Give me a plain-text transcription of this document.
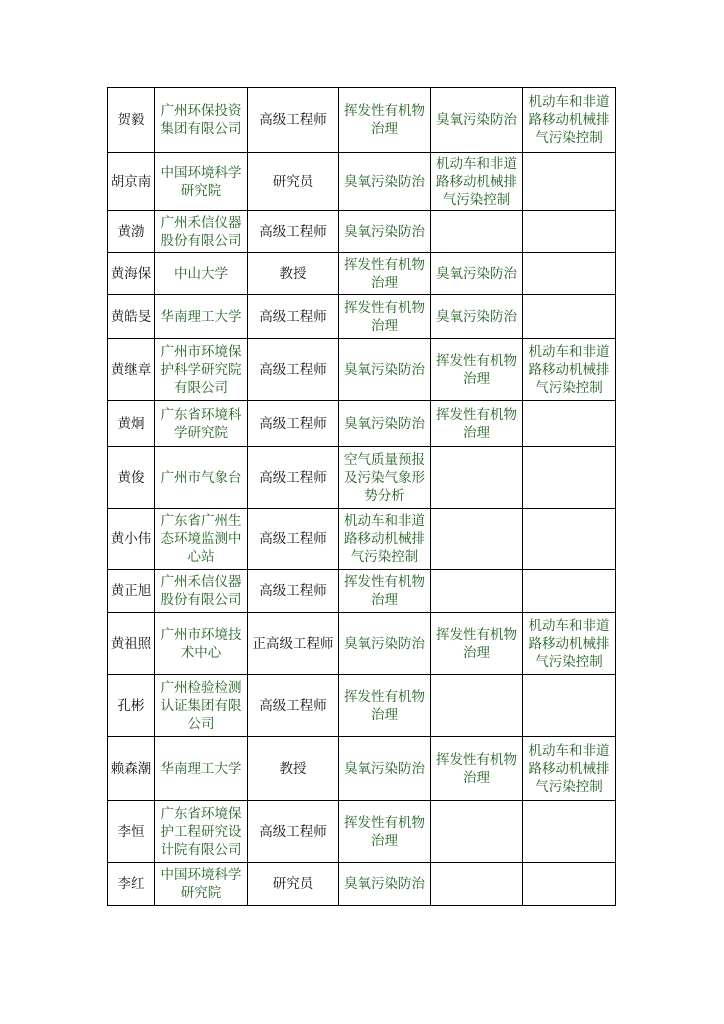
贺毅	广州环保投资集团有限公司	高级工程师	挥发性有机物治理	臭氧污染防治	机动车和非道路移动机械排气污染控制
胡京南	中国环境科学研究院	研究员	臭氧污染防治	机动车和非道路移动机械排气污染控制	
黄渤	广州禾信仪器股份有限公司	高级工程师	臭氧污染防治		
黄海保	中山大学	教授	挥发性有机物治理	臭氧污染防治	
黄皓旻	华南理工大学	高级工程师	挥发性有机物治理	臭氧污染防治	
黄继章	广州市环境保护科学研究院有限公司	高级工程师	臭氧污染防治	挥发性有机物治理	机动车和非道路移动机械排气污染控制
黄炯	广东省环境科学研究院	高级工程师	臭氧污染防治	挥发性有机物治理	
黄俊	广州市气象台	高级工程师	空气质量预报及污染气象形势分析		
黄小伟	广东省广州生态环境监测中心站	高级工程师	机动车和非道路移动机械排气污染控制		
黄正旭	广州禾信仪器股份有限公司	高级工程师	挥发性有机物治理		
黄祖照	广州市环境技术中心	正高级工程师	臭氧污染防治	挥发性有机物治理	机动车和非道路移动机械排气污染控制
孔彬	广州检验检测认证集团有限公司	高级工程师	挥发性有机物治理		
赖森潮	华南理工大学	教授	臭氧污染防治	挥发性有机物治理	机动车和非道路移动机械排气污染控制
李恒	广东省环境保护工程研究设计院有限公司	高级工程师	挥发性有机物治理		
李红	中国环境科学研究院	研究员	臭氧污染防治		
